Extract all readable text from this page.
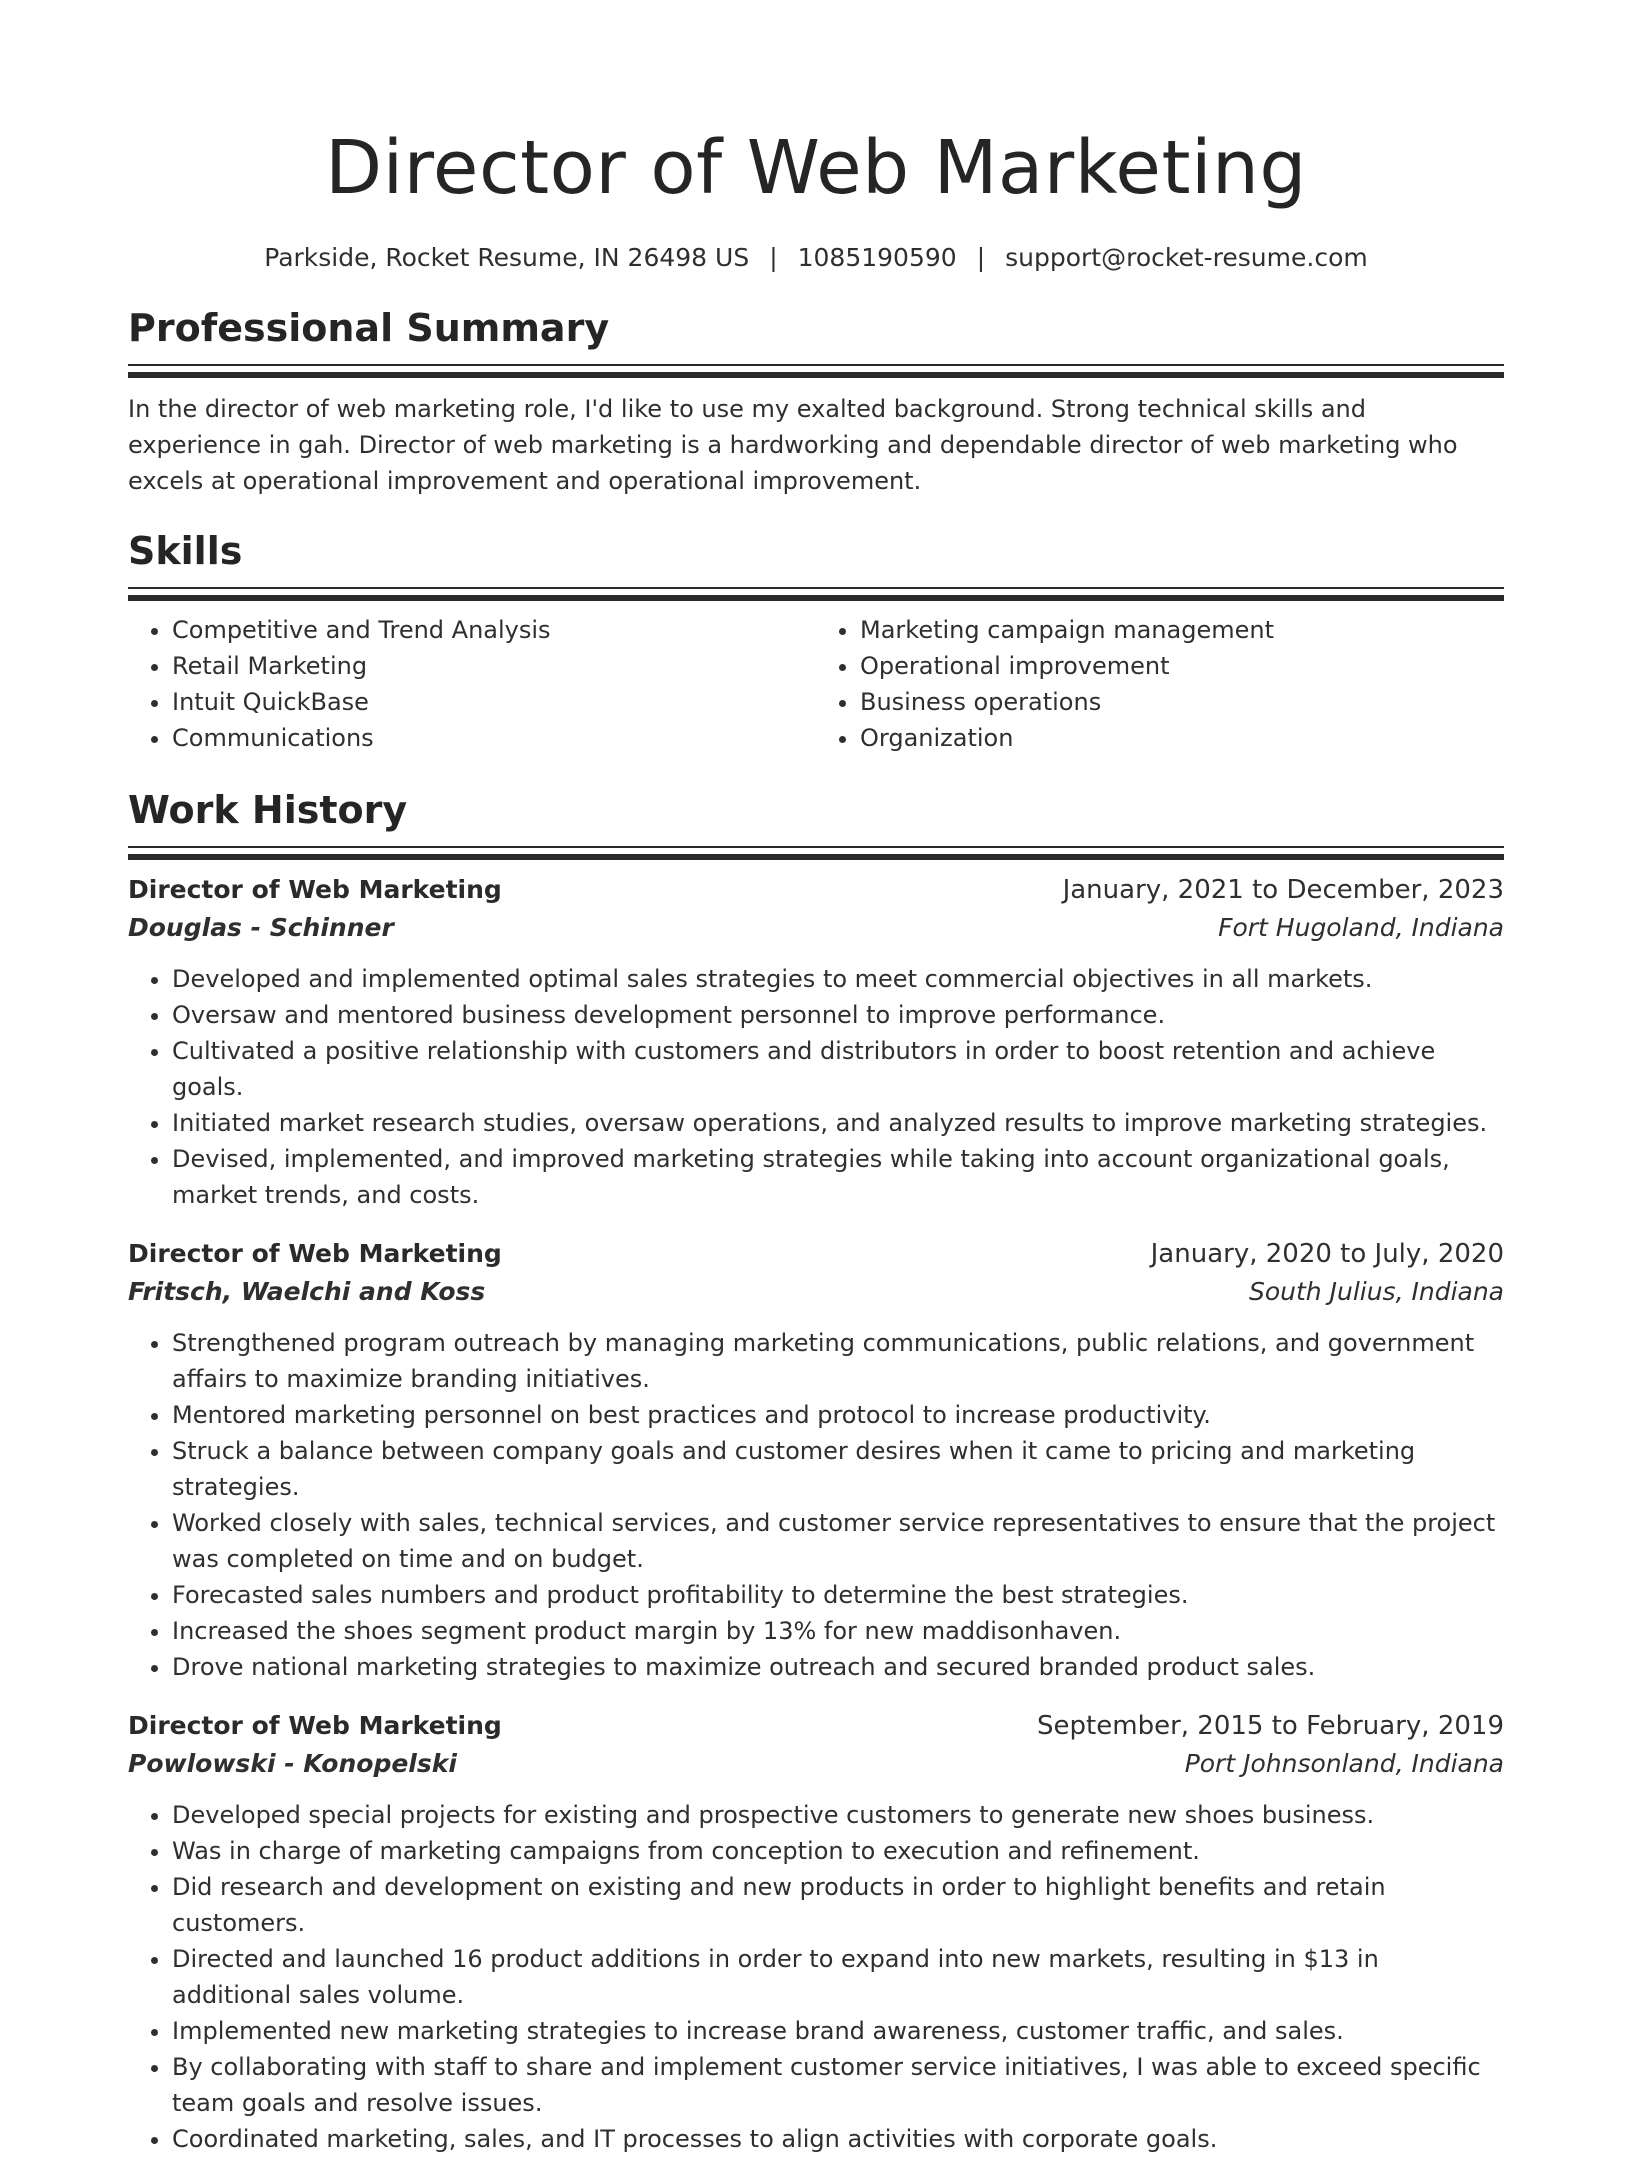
Director of Web Marketing
Parkside, Rocket Resume, IN 26498 US | 1085190590 | support@rocket-resume.com
Professional Summary

In the director of web marketing role, I'd like to use my exalted background. Strong technical skills and experience in gah. Director of web marketing is a hardworking and dependable director of web marketing who excels at operational improvement and operational improvement.

Skills
• Competitive and Trend Analysis
• Retail Marketing
• Intuit QuickBase
• Communications
• Marketing campaign management
• Operational improvement
• Business operations
• Organization
Work History
Director of Web Marketing	January, 2021 to December, 2023
Douglas - Schinner	Fort Hugoland, Indiana
• Developed and implemented optimal sales strategies to meet commercial objectives in all markets.
• Oversaw and mentored business development personnel to improve performance.
• Cultivated a positive relationship with customers and distributors in order to boost retention and achieve goals.
• Initiated market research studies, oversaw operations, and analyzed results to improve marketing strategies.
• Devised, implemented, and improved marketing strategies while taking into account organizational goals, market trends, and costs.
Director of Web Marketing	January, 2020 to July, 2020
Fritsch, Waelchi and Koss	South Julius, Indiana
• Strengthened program outreach by managing marketing communications, public relations, and government affairs to maximize branding initiatives.
• Mentored marketing personnel on best practices and protocol to increase productivity.
• Struck a balance between company goals and customer desires when it came to pricing and marketing strategies.
• Worked closely with sales, technical services, and customer service representatives to ensure that the project was completed on time and on budget.
• Forecasted sales numbers and product profitability to determine the best strategies.
• Increased the shoes segment product margin by 13% for new maddisonhaven.
• Drove national marketing strategies to maximize outreach and secured branded product sales.
Director of Web Marketing	September, 2015 to February, 2019
Powlowski - Konopelski	Port Johnsonland, Indiana
• Developed special projects for existing and prospective customers to generate new shoes business.
• Was in charge of marketing campaigns from conception to execution and refinement.
• Did research and development on existing and new products in order to highlight benefits and retain customers.
• Directed and launched 16 product additions in order to expand into new markets, resulting in $13 in additional sales volume.
• Implemented new marketing strategies to increase brand awareness, customer traffic, and sales.
• By collaborating with staff to share and implement customer service initiatives, I was able to exceed specific team goals and resolve issues.
• Coordinated marketing, sales, and IT processes to align activities with corporate goals.
